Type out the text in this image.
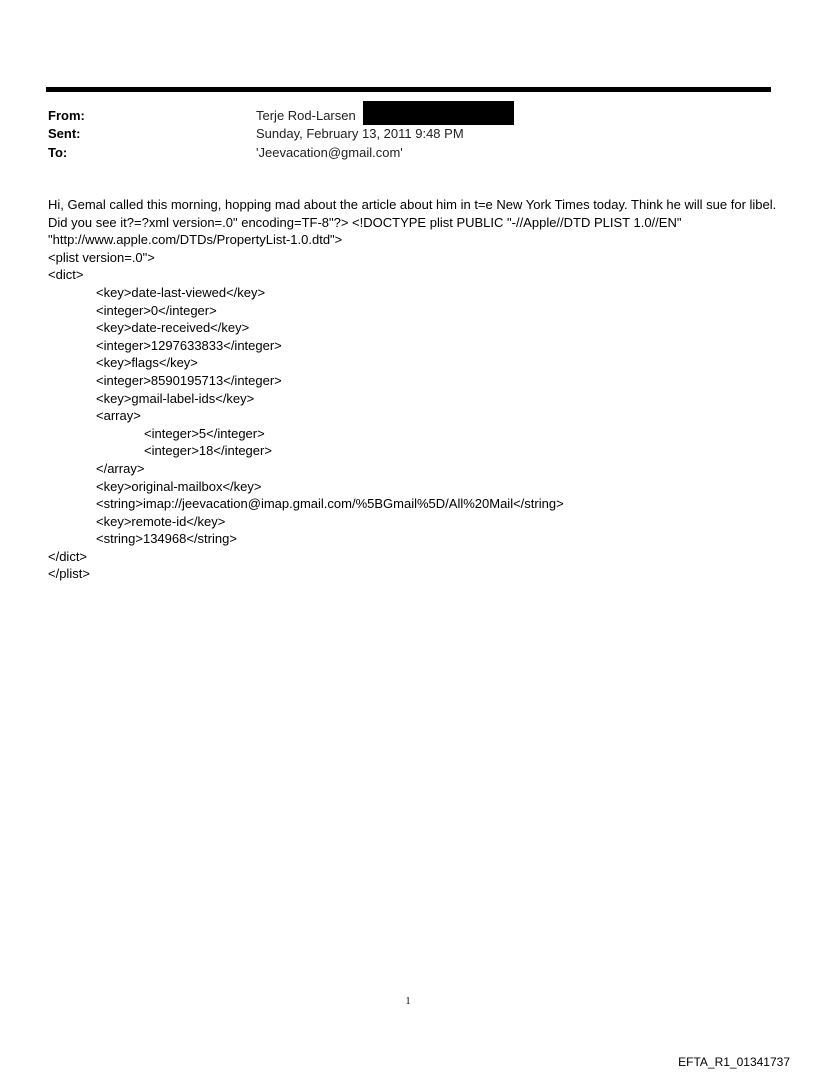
From:	Terje Rod-Larsen
Sent:	Sunday, February 13, 2011 9:48 PM
To:	'Jeevacation@gmail.com'
Hi, Gemal called this morning, hopping mad about the article about him in t=e New York Times today. Think he will sue for libel. Did you see it?=?xml version=.0" encoding=TF-8"?> <!DOCTYPE plist PUBLIC "-//Apple//DTD PLIST 1.0//EN" "http://www.apple.com/DTDs/PropertyList-1.0.dtd">
<plist version=.0">
<dict>
<key>date-last-viewed</key>
<integer>0</integer>
<key>date-received</key>
<integer>1297633833</integer>
<key>flags</key>
<integer>8590195713</integer>
<key>gmail-label-ids</key>
<array>
<integer>5</integer>
<integer>18</integer>
</array>
<key>original-mailbox</key>
<string>imap://jeevacation@imap.gmail.com/%5BGmail%5D/All%20Mail</string>
<key>remote-id</key>
<string>134968</string>
</dict>
</plist>
1
EFTA_R1_01341737
